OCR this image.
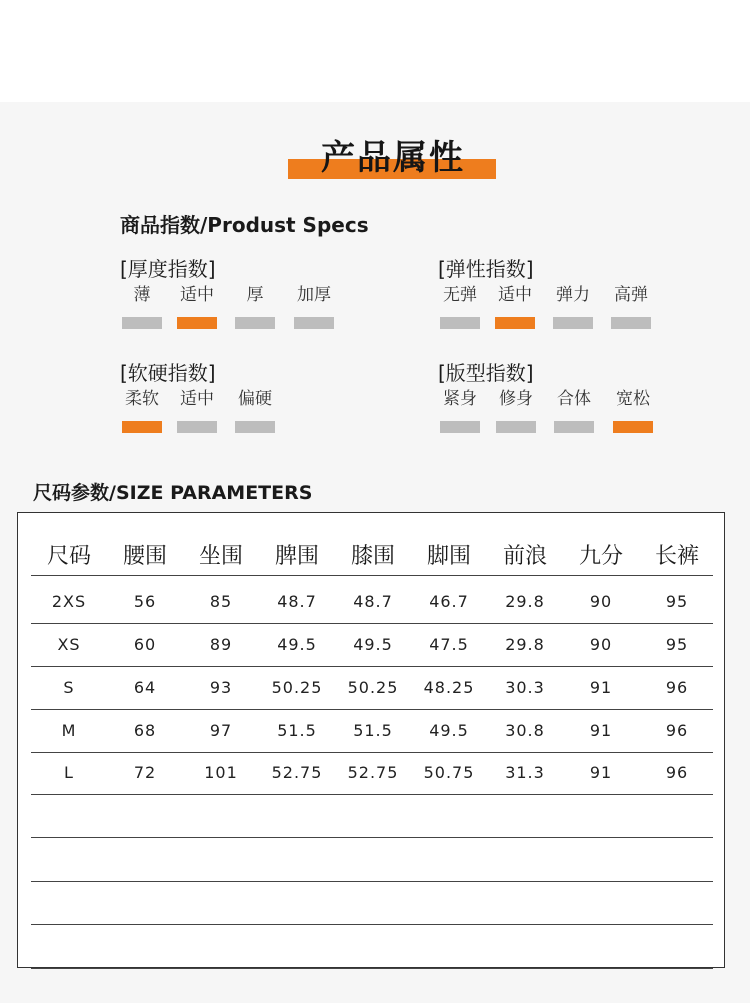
产品属性
商品指数/Produst Specs
[厚度指数]
薄	适中	厚	加厚
[弹性指数]
无弹	适中	弹力	高弹
[软硬指数]
柔软	适中	偏硬
[版型指数]
紧身	修身	合体	宽松
尺码参数/SIZE PARAMETERS
尺码	腰围	坐围	脾围	膝围	脚围	前浪	九分	长裤
2XS	56	85	48.7	48.7	46.7	29.8	90	95
XS	60	89	49.5	49.5	47.5	29.8	90	95
S	64	93	50.25	50.25	48.25	30.3	91	96
M	68	97	51.5	51.5	49.5	30.8	91	96
L	72	101	52.75	52.75	50.75	31.3	91	96
